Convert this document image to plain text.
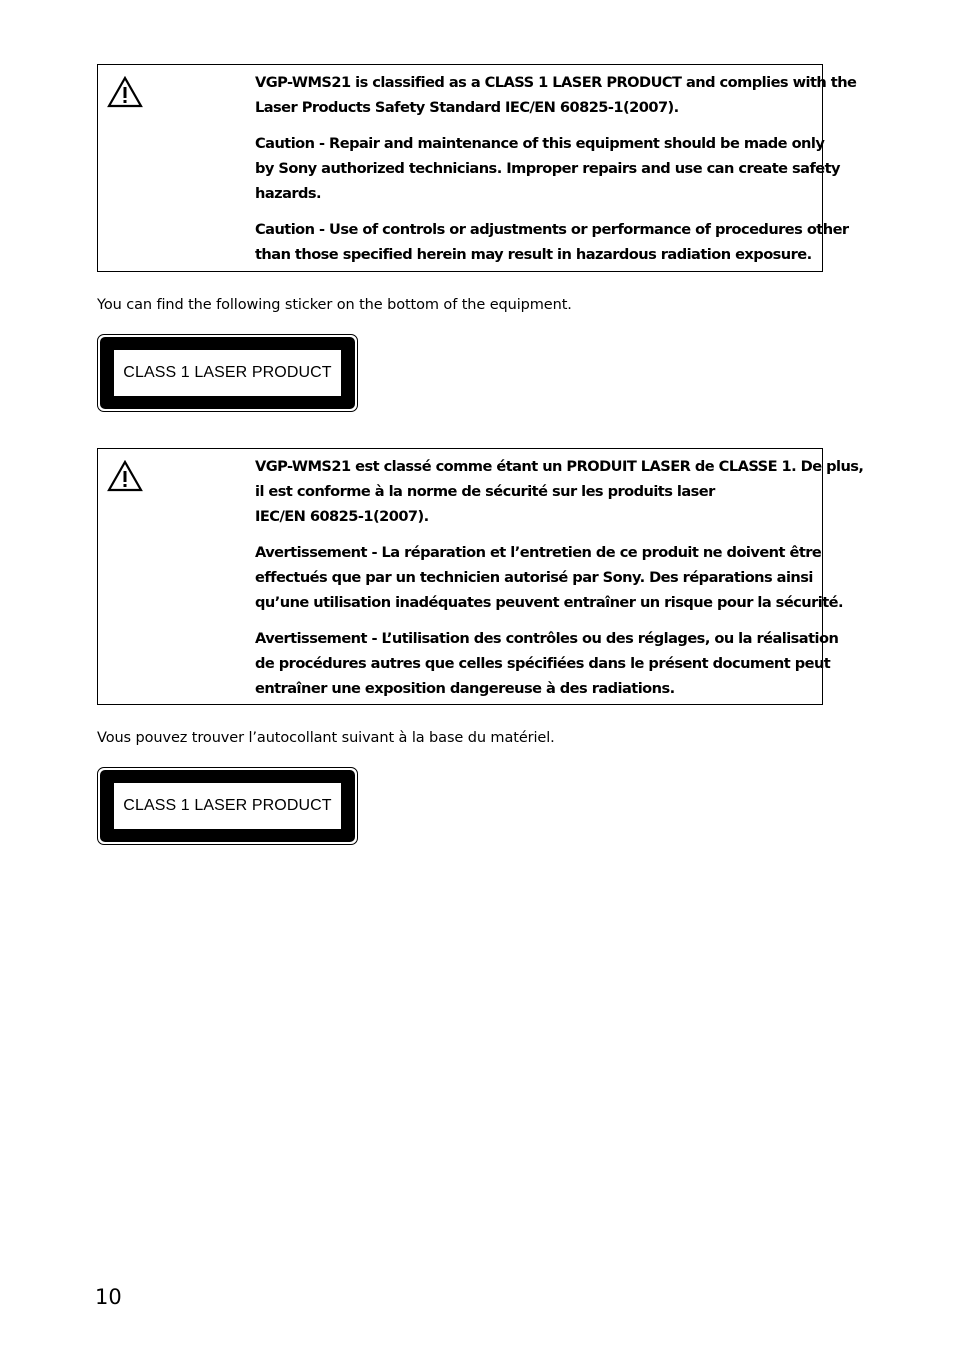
VGP-WMS21 is classified as a CLASS 1 LASER PRODUCT and complies with the
Laser Products Safety Standard IEC/EN 60825-1(2007).

Caution - Repair and maintenance of this equipment should be made only
by Sony authorized technicians. Improper repairs and use can create safety
hazards.

Caution - Use of controls or adjustments or performance of procedures other
than those specified herein may result in hazardous radiation exposure.

You can find the following sticker on the bottom of the equipment.
CLASS 1 LASER PRODUCT

VGP-WMS21 est classé comme étant un PRODUIT LASER de CLASSE 1. De plus,
il est conforme à la norme de sécurité sur les produits laser
IEC/EN 60825-1(2007).

Avertissement - La réparation et l’entretien de ce produit ne doivent être
effectués que par un technicien autorisé par Sony. Des réparations ainsi
qu’une utilisation inadéquates peuvent entraîner un risque pour la sécurité.

Avertissement - L’utilisation des contrôles ou des réglages, ou la réalisation
de procédures autres que celles spécifiées dans le présent document peut
entraîner une exposition dangereuse à des radiations.

Vous pouvez trouver l’autocollant suivant à la base du matériel.
CLASS 1 LASER PRODUCT
10
